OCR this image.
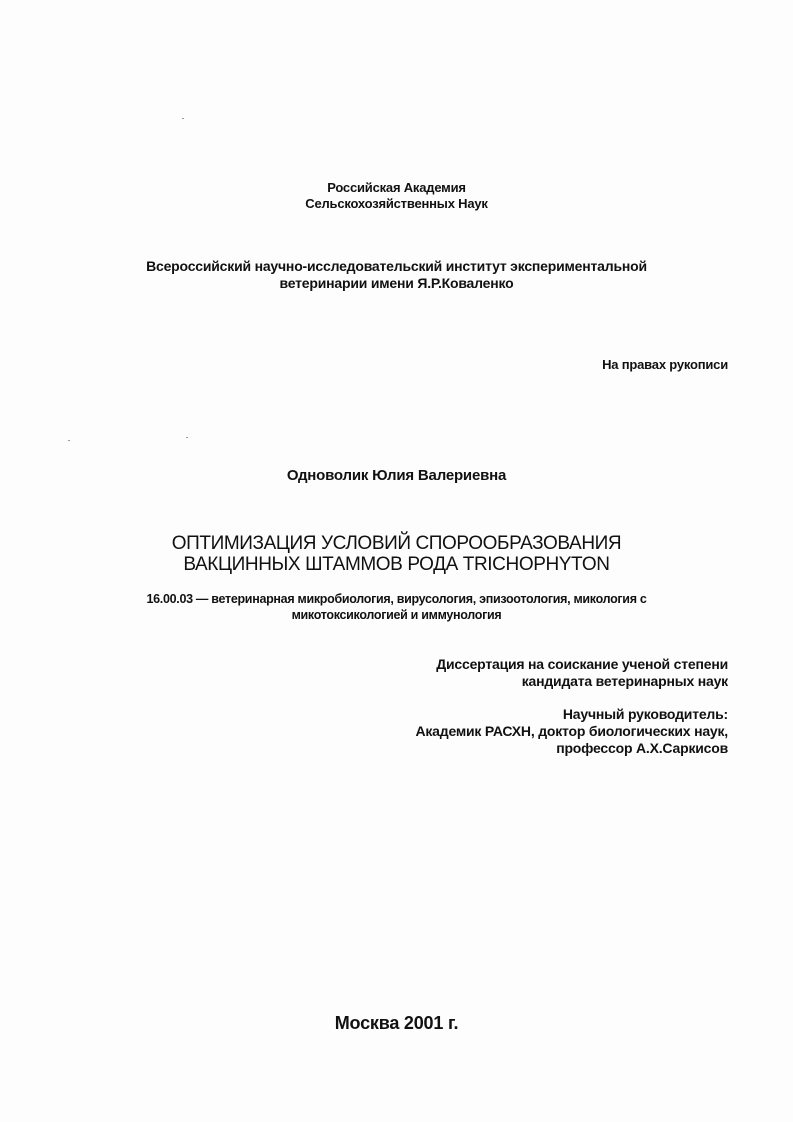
Российская Академия
Сельскохозяйственных Наук
Всероссийский научно-исследовательский институт экспериментальной
ветеринарии имени Я.Р.Коваленко
На правах рукописи
Одноволик Юлия Валериевна
ОПТИМИЗАЦИЯ УСЛОВИЙ СПОРООБРАЗОВАНИЯ
ВАКЦИННЫХ ШТАММОВ РОДА TRICHOPHYTON
16.00.03 — ветеринарная микробиология, вирусология, эпизоотология, микология с
микотоксикологией и иммунология
Диссертация на соискание ученой степени
кандидата ветеринарных наук
Научный руководитель:
Академик РАСХН, доктор биологических наук,
профессор А.Х.Саркисов
Москва 2001 г.
